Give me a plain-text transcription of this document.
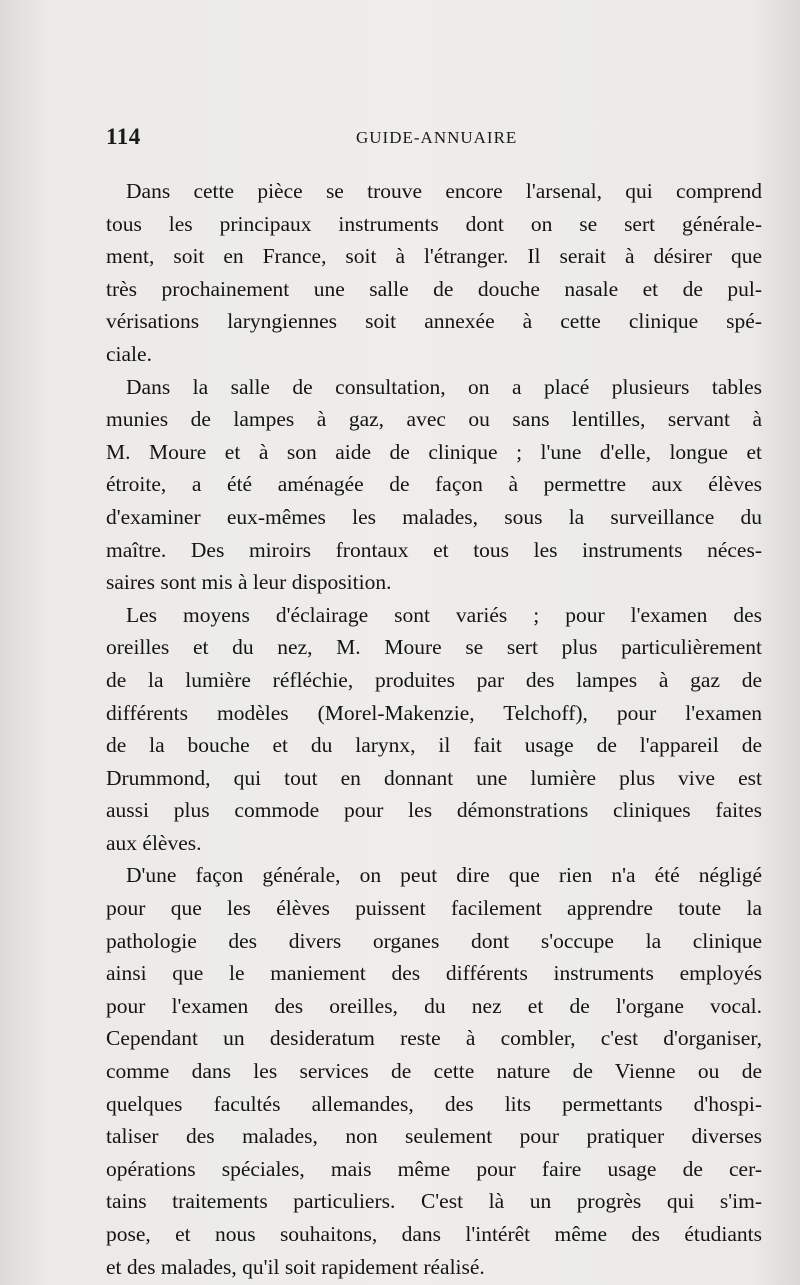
114	GUIDE-ANNUAIRE
Dans cette pièce se trouve encore l'arsenal, qui comprend
tous les principaux instruments dont on se sert générale-
ment, soit en France, soit à l'étranger. Il serait à désirer que
très prochainement une salle de douche nasale et de pul-
vérisations laryngiennes soit annexée à cette clinique spé-
ciale.
Dans la salle de consultation, on a placé plusieurs tables
munies de lampes à gaz, avec ou sans lentilles, servant à
M. Moure et à son aide de clinique ; l'une d'elle, longue et
étroite, a été aménagée de façon à permettre aux élèves
d'examiner eux-mêmes les malades, sous la surveillance du
maître. Des miroirs frontaux et tous les instruments néces-
saires sont mis à leur disposition.
Les moyens d'éclairage sont variés ; pour l'examen des
oreilles et du nez, M. Moure se sert plus particulièrement
de la lumière réfléchie, produites par des lampes à gaz de
différents modèles (Morel-Makenzie, Telchoff), pour l'examen
de la bouche et du larynx, il fait usage de l'appareil de
Drummond, qui tout en donnant une lumière plus vive est
aussi plus commode pour les démonstrations cliniques faites
aux élèves.
D'une façon générale, on peut dire que rien n'a été négligé
pour que les élèves puissent facilement apprendre toute la
pathologie des divers organes dont s'occupe la clinique
ainsi que le maniement des différents instruments employés
pour l'examen des oreilles, du nez et de l'organe vocal.
Cependant un desideratum reste à combler, c'est d'organiser,
comme dans les services de cette nature de Vienne ou de
quelques facultés allemandes, des lits permettants d'hospi-
taliser des malades, non seulement pour pratiquer diverses
opérations spéciales, mais même pour faire usage de cer-
tains traitements particuliers. C'est là un progrès qui s'im-
pose, et nous souhaitons, dans l'intérêt même des étudiants
et des malades, qu'il soit rapidement réalisé.
